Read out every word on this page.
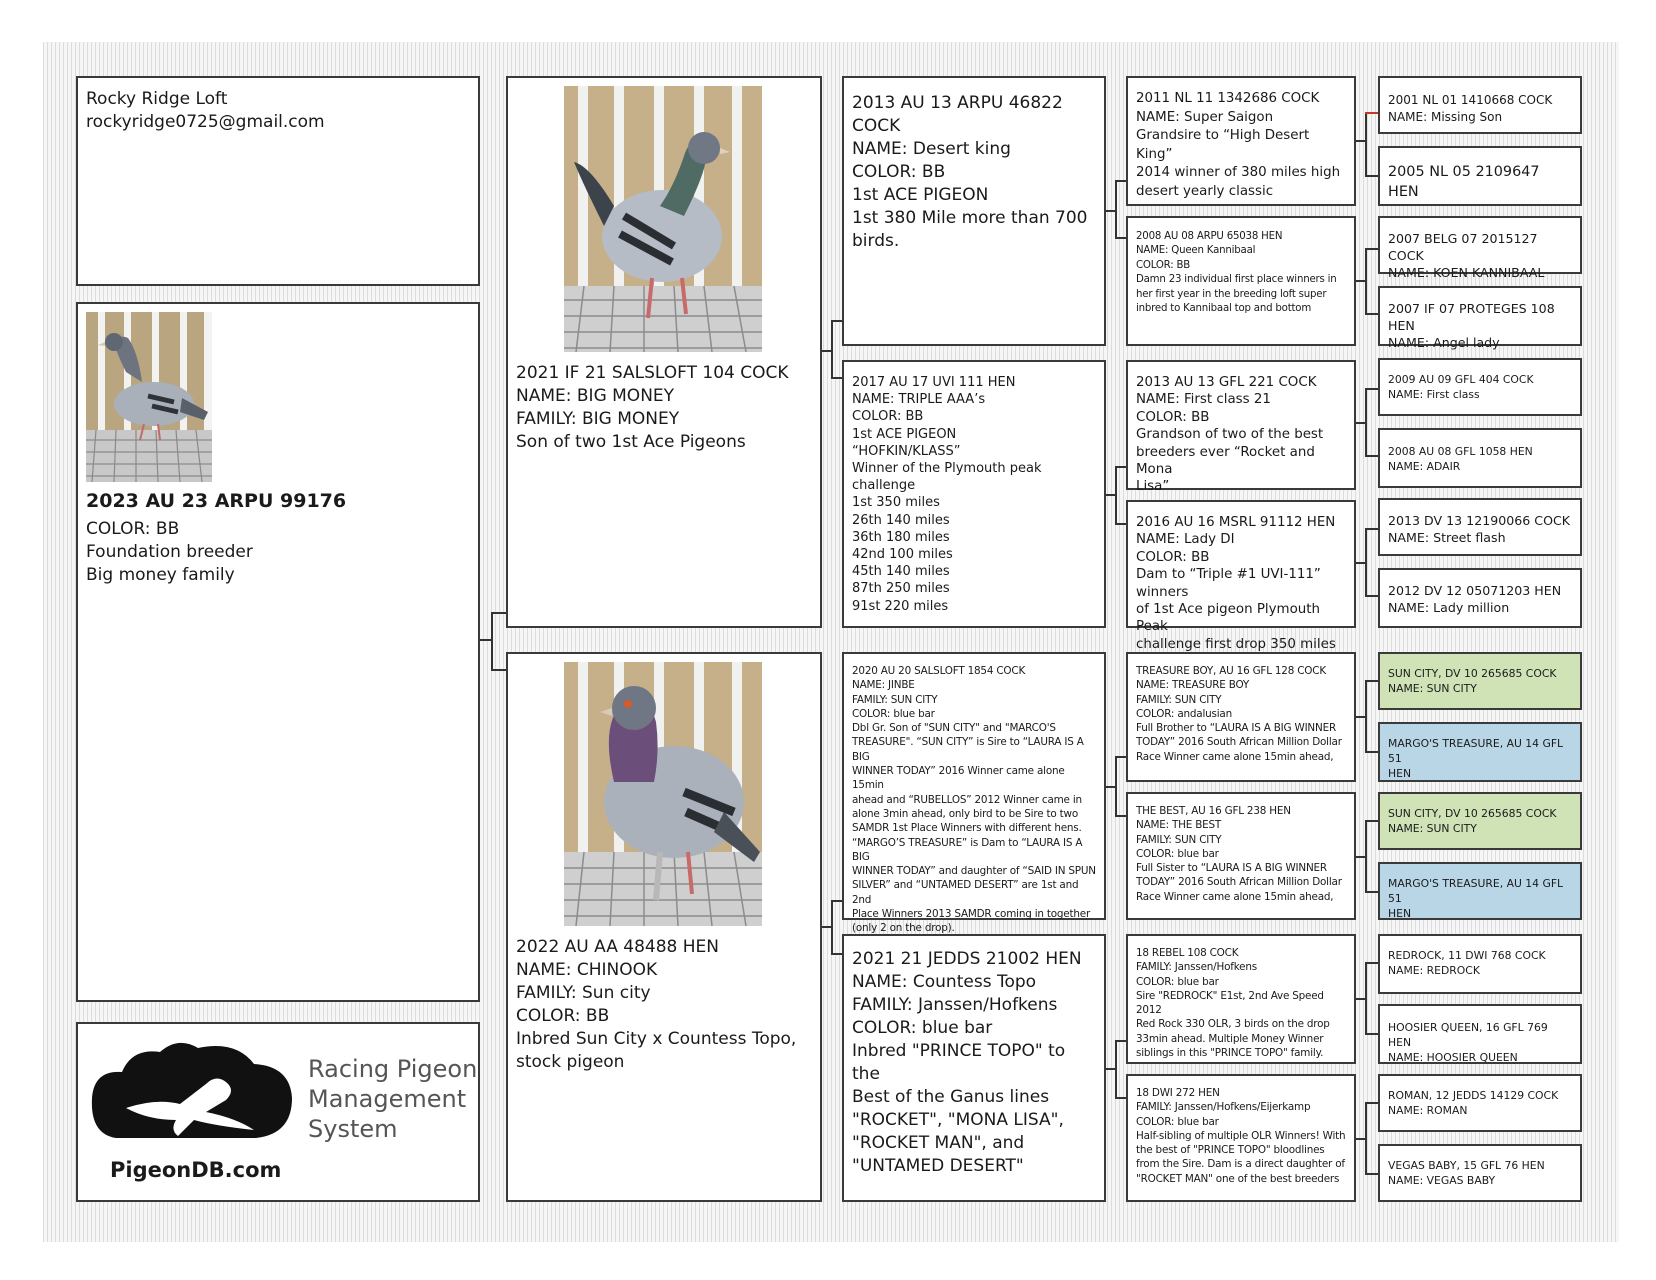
Rocky Ridge Loft
rockyridge0725@gmail.com
2023 AU 23 ARPU 99176
COLOR: BB
Foundation breeder
Big money family
Racing Pigeon
Management
System
PigeonDB.com
2021 IF 21 SALSLOFT 104 COCK
NAME: BIG MONEY
FAMILY: BIG MONEY
Son of two 1st Ace Pigeons
2022 AU AA 48488 HEN
NAME: CHINOOK
FAMILY: Sun city
COLOR: BB
Inbred Sun City x Countess Topo,
stock pigeon
2013 AU 13 ARPU 46822 COCK
NAME: Desert king
COLOR: BB
1st ACE PIGEON
1st 380 Mile more than 700
birds.
2017 AU 17 UVI 111 HEN
NAME: TRIPLE AAA’s
COLOR: BB
1st ACE PIGEON
“HOFKIN/KLASS”
Winner of the Plymouth peak challenge
1st 350 miles
26th 140 miles
36th 180 miles
42nd 100 miles
45th 140 miles
87th 250 miles
91st 220 miles
2020 AU 20 SALSLOFT 1854 COCK
NAME: JINBE
FAMILY: SUN CITY
COLOR: blue bar
Dbl Gr. Son of "SUN CITY" and "MARCO'S
TREASURE". “SUN CITY” is Sire to “LAURA IS A BIG
WINNER TODAY” 2016 Winner came alone 15min
ahead and “RUBELLOS” 2012 Winner came in
alone 3min ahead, only bird to be Sire to two
SAMDR 1st Place Winners with different hens.
“MARGO’S TREASURE” is Dam to “LAURA IS A BIG
WINNER TODAY” and daughter of “SAID IN SPUN
SILVER” and “UNTAMED DESERT” are 1st and 2nd
Place Winners 2013 SAMDR coming in together
(only 2 on the drop).
2021 21 JEDDS 21002 HEN
NAME: Countess Topo
FAMILY: Janssen/Hofkens
COLOR: blue bar
Inbred "PRINCE TOPO" to the
Best of the Ganus lines
"ROCKET", "MONA LISA",
"ROCKET MAN", and
"UNTAMED DESERT"
2011 NL 11 1342686 COCK
NAME: Super Saigon
Grandsire to “High Desert King”
2014 winner of 380 miles high
desert yearly classic
2008 AU 08 ARPU 65038 HEN
NAME: Queen Kannibaal
COLOR: BB
Damn 23 individual first place winners in
her first year in the breeding loft super
inbred to Kannibaal top and bottom
2013 AU 13 GFL 221 COCK
NAME: First class 21
COLOR: BB
Grandson of two of the best
breeders ever “Rocket and Mona
Lisa”
2016 AU 16 MSRL 91112 HEN
NAME: Lady DI
COLOR: BB
Dam to “Triple #1 UVI-111” winners
of 1st Ace pigeon Plymouth Peak
challenge first drop 350 miles
TREASURE BOY, AU 16 GFL 128 COCK
NAME: TREASURE BOY
FAMILY: SUN CITY
COLOR: andalusian
Full Brother to “LAURA IS A BIG WINNER
TODAY” 2016 South African Million Dollar
Race Winner came alone 15min ahead,
THE BEST, AU 16 GFL 238 HEN
NAME: THE BEST
FAMILY: SUN CITY
COLOR: blue bar
Full Sister to “LAURA IS A BIG WINNER
TODAY” 2016 South African Million Dollar
Race Winner came alone 15min ahead,
18 REBEL 108 COCK
FAMILY: Janssen/Hofkens
COLOR: blue bar
Sire "REDROCK" E1st, 2nd Ave Speed 2012
Red Rock 330 OLR, 3 birds on the drop
33min ahead. Multiple Money Winner
siblings in this "PRINCE TOPO" family.
18 DWI 272 HEN
FAMILY: Janssen/Hofkens/Eijerkamp
COLOR: blue bar
Half-sibling of multiple OLR Winners! With
the best of "PRINCE TOPO" bloodlines
from the Sire. Dam is a direct daughter of
"ROCKET MAN" one of the best breeders
2001 NL 01 1410668 COCK
NAME: Missing Son
2005 NL 05 2109647 HEN
2007 BELG 07 2015127 COCK
NAME: KOEN KANNIBAAL
2007 IF 07 PROTEGES 108 HEN
NAME: Angel lady
2009 AU 09 GFL 404 COCK
NAME: First class
2008 AU 08 GFL 1058 HEN
NAME: ADAIR
2013 DV 13 12190066 COCK
NAME: Street flash
2012 DV 12 05071203 HEN
NAME: Lady million
SUN CITY, DV 10 265685 COCK
NAME: SUN CITY
MARGO'S TREASURE, AU 14 GFL 51
HEN
SUN CITY, DV 10 265685 COCK
NAME: SUN CITY
MARGO'S TREASURE, AU 14 GFL 51
HEN
REDROCK, 11 DWI 768 COCK
NAME: REDROCK
HOOSIER QUEEN, 16 GFL 769 HEN
NAME: HOOSIER QUEEN
ROMAN, 12 JEDDS 14129 COCK
NAME: ROMAN
VEGAS BABY, 15 GFL 76 HEN
NAME: VEGAS BABY
